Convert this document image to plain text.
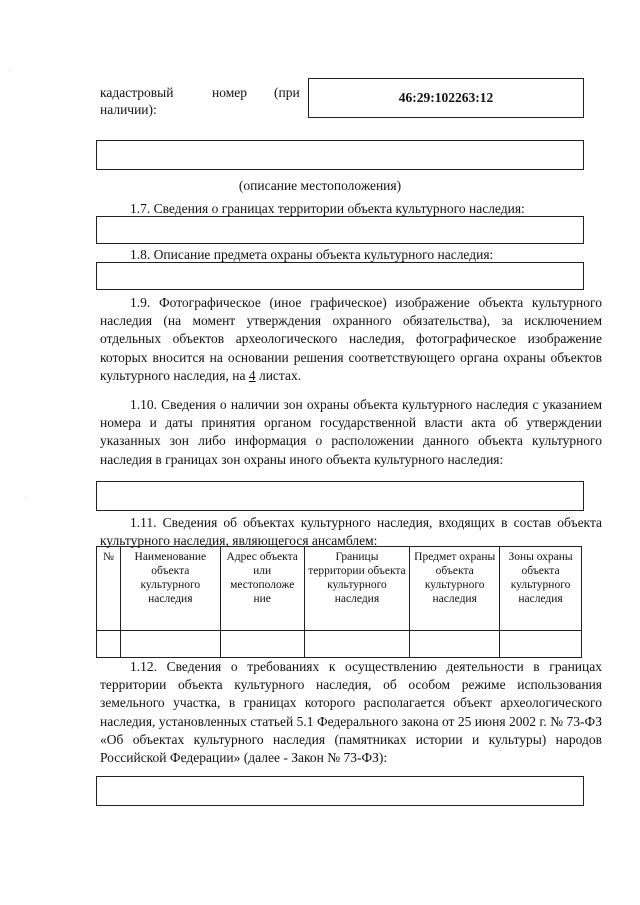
кадастровый	номер (при
наличии):
46:29:102263:12
(описание местоположения)
1.7. Сведения о границах территории объекта культурного наследия:
1.8. Описание предмета охраны объекта культурного наследия:

1.9. Фотографическое (иное графическое) изображение объекта культурного наследия (на момент утверждения охранного обязательства), за исключением отдельных объектов археологического наследия, фотографическое изображение которых вносится на основании решения соответствующего органа охраны объектов культурного наследия, на 4 листах.

1.10. Сведения о наличии зон охраны объекта культурного наследия с указанием номера и даты принятия органом государственной власти акта об утверждении указанных зон либо информация о расположении данного объекта культурного наследия в границах зон охраны иного объекта культурного наследия:

1.11. Сведения об объектах культурного наследия, входящих в состав объекта культурного наследия, являющегося ансамблем:

№	Наименование объекта культурного наследия	Адрес объекта или местоположе ние	Границы территории объекта культурного наследия	Предмет охраны объекта культурного наследия	Зоны охраны объекта культурного наследия

1.12. Сведения о требованиях к осуществлению деятельности в границах территории объекта культурного наследия, об особом режиме использования земельного участка, в границах которого располагается объект археологического наследия, установленных статьей 5.1 Федерального закона от 25 июня 2002 г. № 73-ФЗ «Об объектах культурного наследия (памятниках истории и культуры) народов Российской Федерации» (далее - Закон № 73-ФЗ):

·
·
